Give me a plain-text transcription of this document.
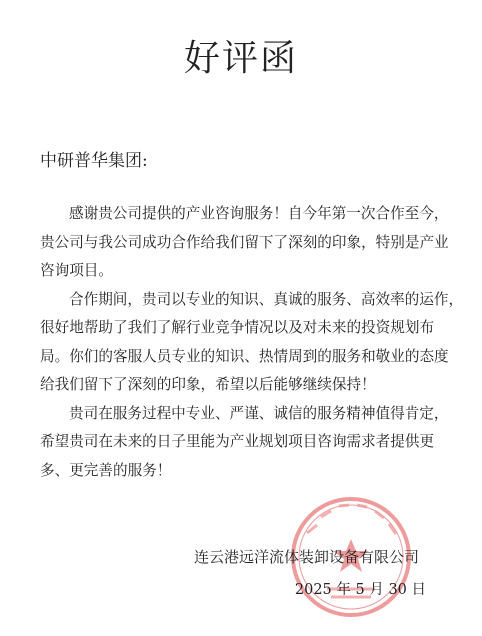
好评函
中研普华集团:
感谢贵公司提供的产业咨询服务！自今年第一次合作至今，
贵公司与我公司成功合作给我们留下了深刻的印象，特别是产业
咨询项目。
合作期间，贵司以专业的知识、真诚的服务、高效率的运作，
很好地帮助了我们了解行业竞争情况以及对未来的投资规划布
局。你们的客服人员专业的知识、热情周到的服务和敬业的态度
给我们留下了深刻的印象，希望以后能够继续保持！
贵司在服务过程中专业、严谨、诚信的服务精神值得肯定，
希望贵司在未来的日子里能为产业规划项目咨询需求者提供更
多、更完善的服务！
连云港远洋流体装卸设备有限公司
2025 年 5 月 30 日
